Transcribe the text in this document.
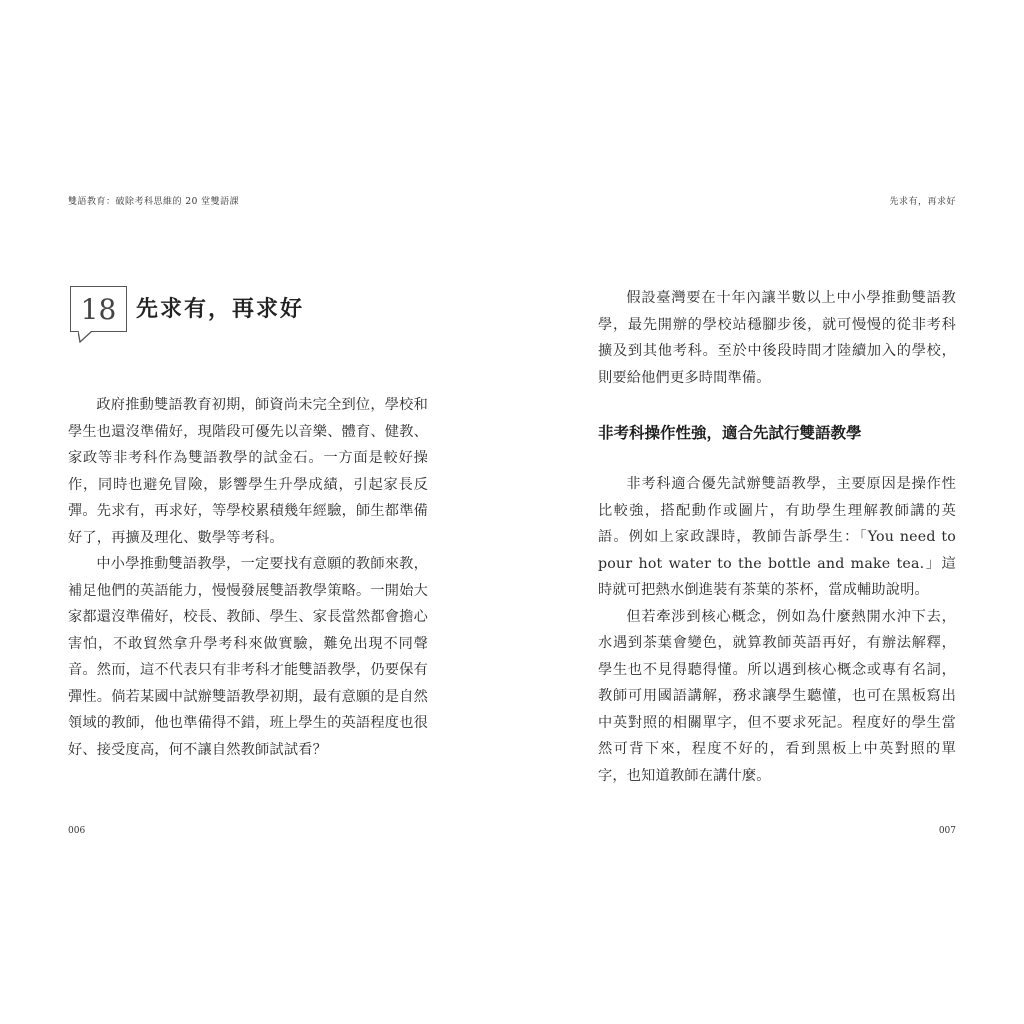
雙語教育：破除考科思維的 20 堂雙語課
18 先求有，再求好

政府推動雙語教育初期，師資尚未完全到位，學校和學生也還沒準備好，現階段可優先以音樂、體育、健教、家政等非考科作為雙語教學的試金石。一方面是較好操作，同時也避免冒險，影響學生升學成績，引起家長反彈。先求有，再求好，等學校累積幾年經驗，師生都準備好了，再擴及理化、數學等考科。

中小學推動雙語教學，一定要找有意願的教師來教，補足他們的英語能力，慢慢發展雙語教學策略。一開始大家都還沒準備好，校長、教師、學生、家長當然都會擔心害怕，不敢貿然拿升學考科來做實驗，難免出現不同聲音。然而，這不代表只有非考科才能雙語教學，仍要保有彈性。倘若某國中試辦雙語教學初期，最有意願的是自然領域的教師，他也準備得不錯，班上學生的英語程度也很好、接受度高，何不讓自然教師試試看？

006
先求有，再求好

假設臺灣要在十年內讓半數以上中小學推動雙語教學，最先開辦的學校站穩腳步後，就可慢慢的從非考科擴及到其他考科。至於中後段時間才陸續加入的學校，則要給他們更多時間準備。

非考科操作性強，適合先試行雙語教學

非考科適合優先試辦雙語教學，主要原因是操作性比較強，搭配動作或圖片，有助學生理解教師講的英語。例如上家政課時，教師告訴學生：「You need to pour hot water to the bottle and make tea.」這時就可把熱水倒進裝有茶葉的茶杯，當成輔助說明。

但若牽涉到核心概念，例如為什麼熱開水沖下去，水遇到茶葉會變色，就算教師英語再好，有辦法解釋，學生也不見得聽得懂。所以遇到核心概念或專有名詞，教師可用國語講解，務求讓學生聽懂，也可在黑板寫出中英對照的相關單字，但不要求死記。程度好的學生當然可背下來，程度不好的，看到黑板上中英對照的單字，也知道教師在講什麼。

007
